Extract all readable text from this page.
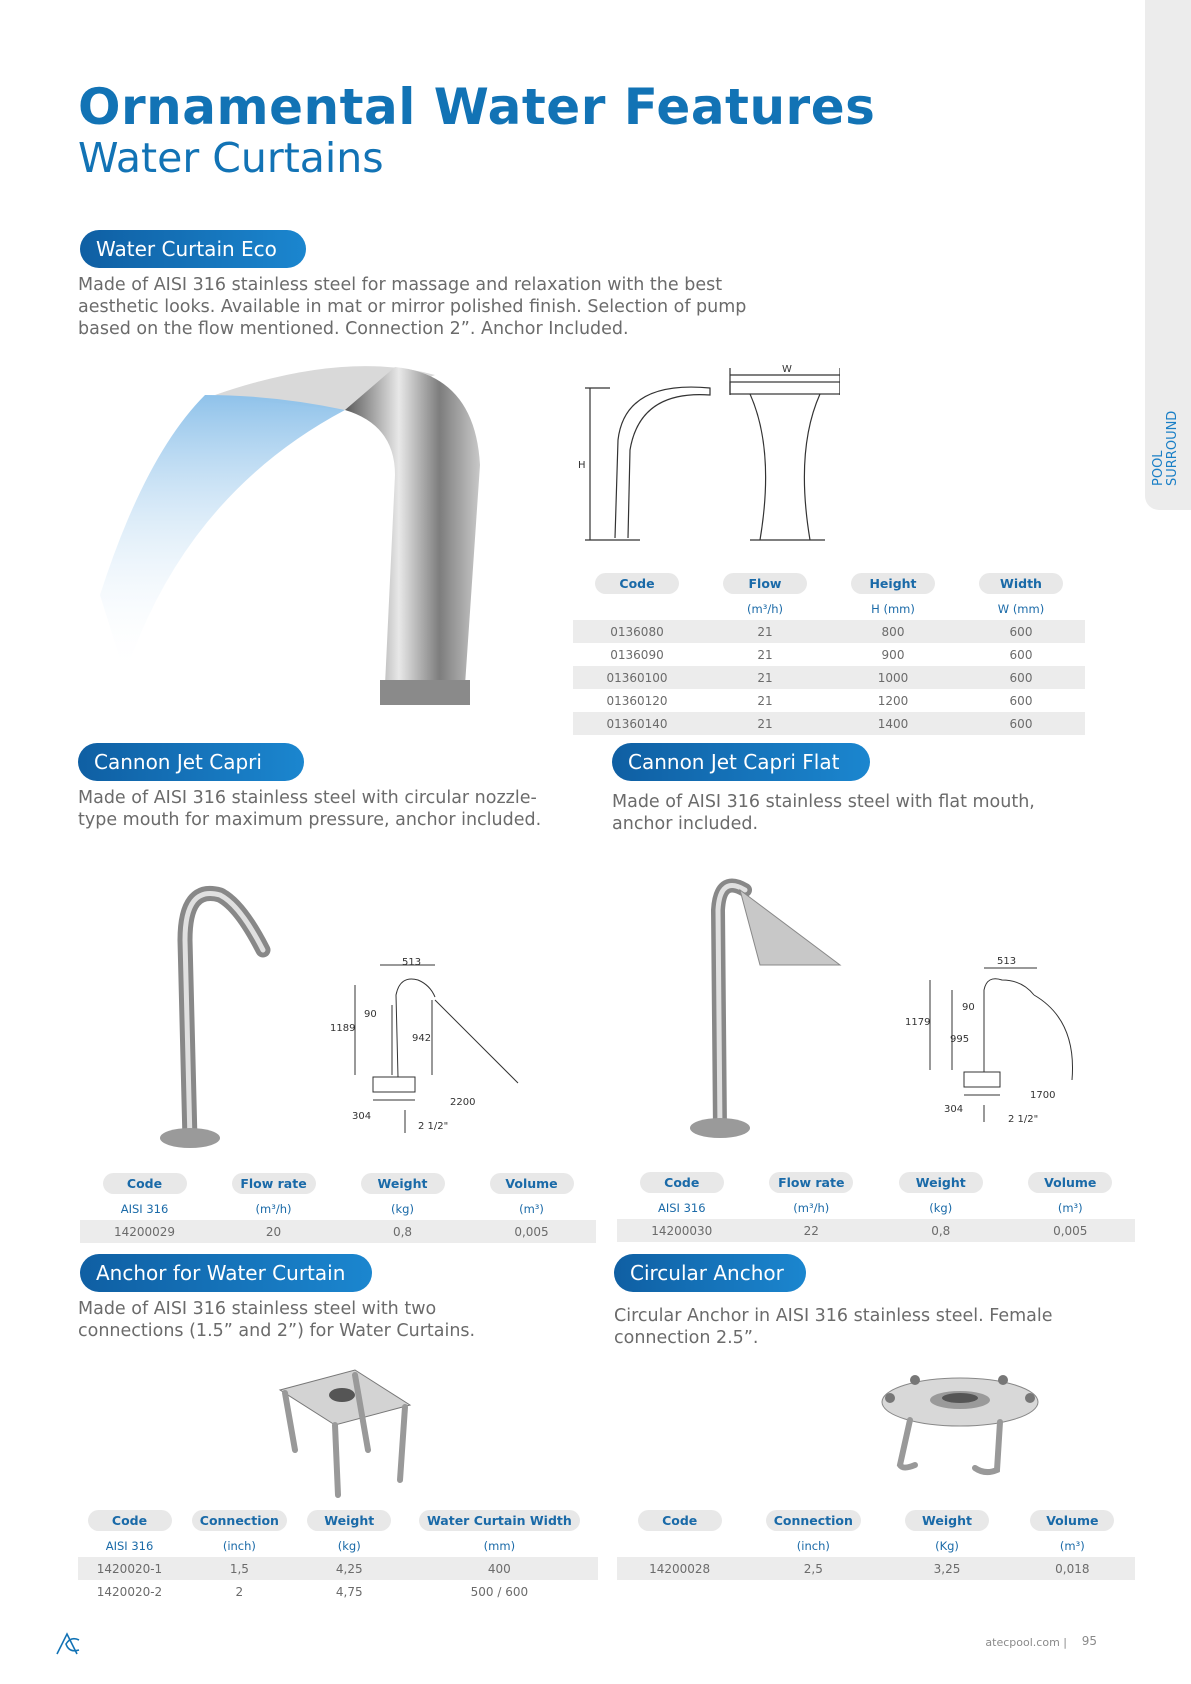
POOL SURROUND
Ornamental Water Features
Water Curtains
Water Curtain Eco
Made of AISI 316 stainless steel for massage and relaxation with the best aesthetic looks. Available in mat or mirror polished finish. Selection of pump based on the flow mentioned. Connection 2”. Anchor Included.
H
W
Code	Flow	Height	Width
	(m³/h)	H (mm)	W (mm)
0136080	21	800	600
0136090	21	900	600
01360100	21	1000	600
01360120	21	1200	600
01360140	21	1400	600
Cannon Jet Capri
Made of AISI 316 stainless steel with circular nozzle-type mouth for maximum pressure, anchor included.
513
90
1189
942
2200
304
2 1/2"
Code	Flow rate	Weight	Volume
AISI 316	(m³/h)	(kg)	(m³)
14200029	20	0,8	0,005
Cannon Jet Capri Flat
Made of AISI 316 stainless steel with flat mouth, anchor included.
513
90
1179
995
1700
304
2 1/2"
Code	Flow rate	Weight	Volume
AISI 316	(m³/h)	(kg)	(m³)
14200030	22	0,8	0,005
Anchor for Water Curtain
Made of AISI 316 stainless steel with two connections (1.5” and 2”) for Water Curtains.
Code	Connection	Weight	Water Curtain Width
AISI 316	(inch)	(kg)	(mm)
1420020-1	1,5	4,25	400
1420020-2	2	4,75	500 / 600
Circular Anchor
Circular Anchor in AISI 316 stainless steel. Female connection 2.5”.
Code	Connection	Weight	Volume
	(inch)	(Kg)	(m³)
14200028	2,5	3,25	0,018
atecpool.com | 95
